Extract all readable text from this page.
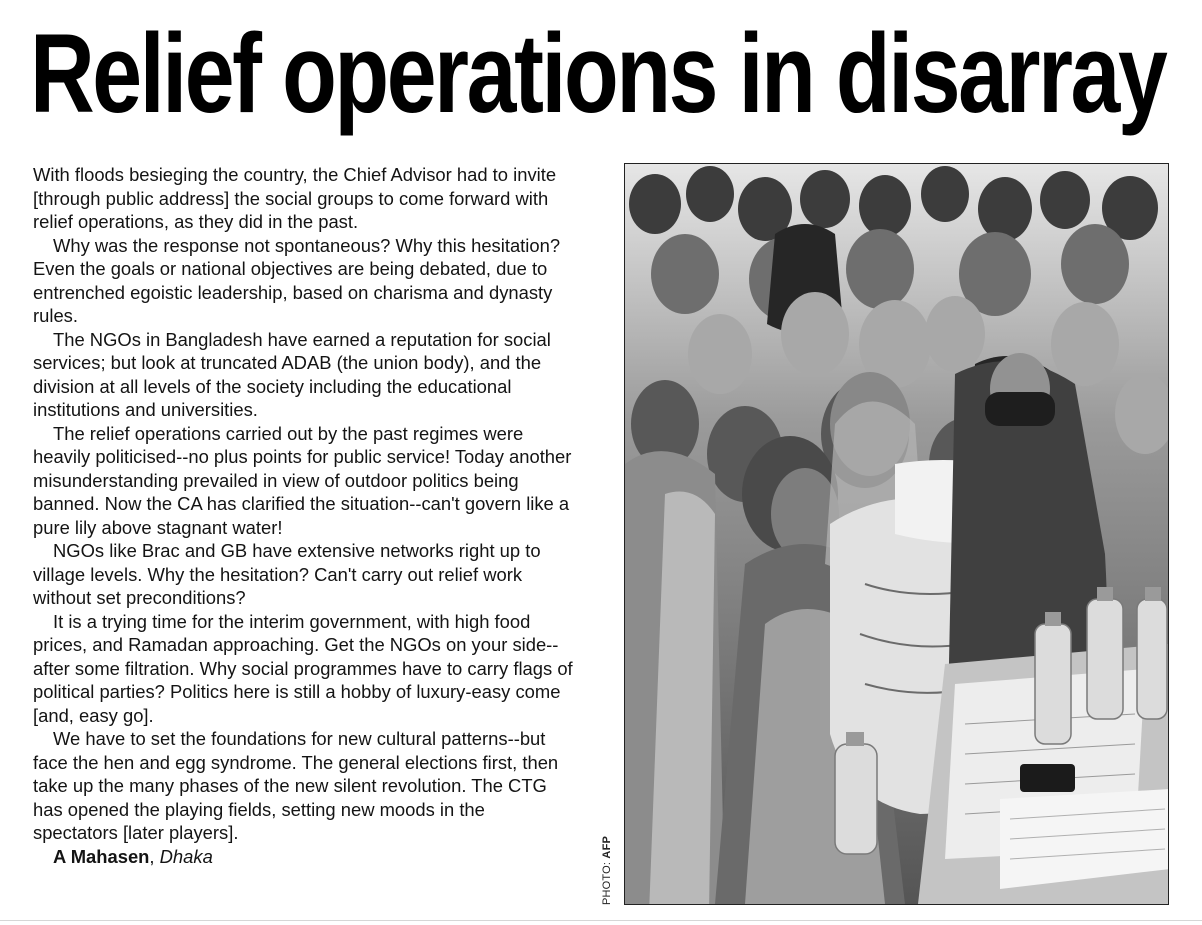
Relief operations in disarray

With floods besieging the country, the Chief Advisor had to invite [through public address] the social groups to come forward with relief operations, as they did in the past.

Why was the response not spontaneous? Why this hesitation? Even the goals or national objectives are being debated, due to entrenched egoistic leadership, based on charisma and dynasty rules.

The NGOs in Bangladesh have earned a reputation for social services; but look at truncated ADAB (the union body), and the division at all levels of the society including the educational institutions and universities.

The relief operations carried out by the past regimes were heavily politicised--no plus points for public service! Today another misunderstanding prevailed in view of outdoor politics being banned. Now the CA has clarified the situation--can't govern like a pure lily above stagnant water!

NGOs like Brac and GB have extensive networks right up to village levels. Why the hesitation? Can't carry out relief work without set preconditions?

It is a trying time for the interim government, with high food prices, and Ramadan approaching. Get the NGOs on your side--after some filtration. Why social programmes have to carry flags of political parties? Politics here is still a hobby of luxury-easy come [and, easy go].

We have to set the foundations for new cultural patterns--but face the hen and egg syndrome. The general elections first, then take up the many phases of the new silent revolution. The CTG has opened the playing fields, setting new moods in the spectators [later players].

A Mahasen, Dhaka

PHOTO: AFP
